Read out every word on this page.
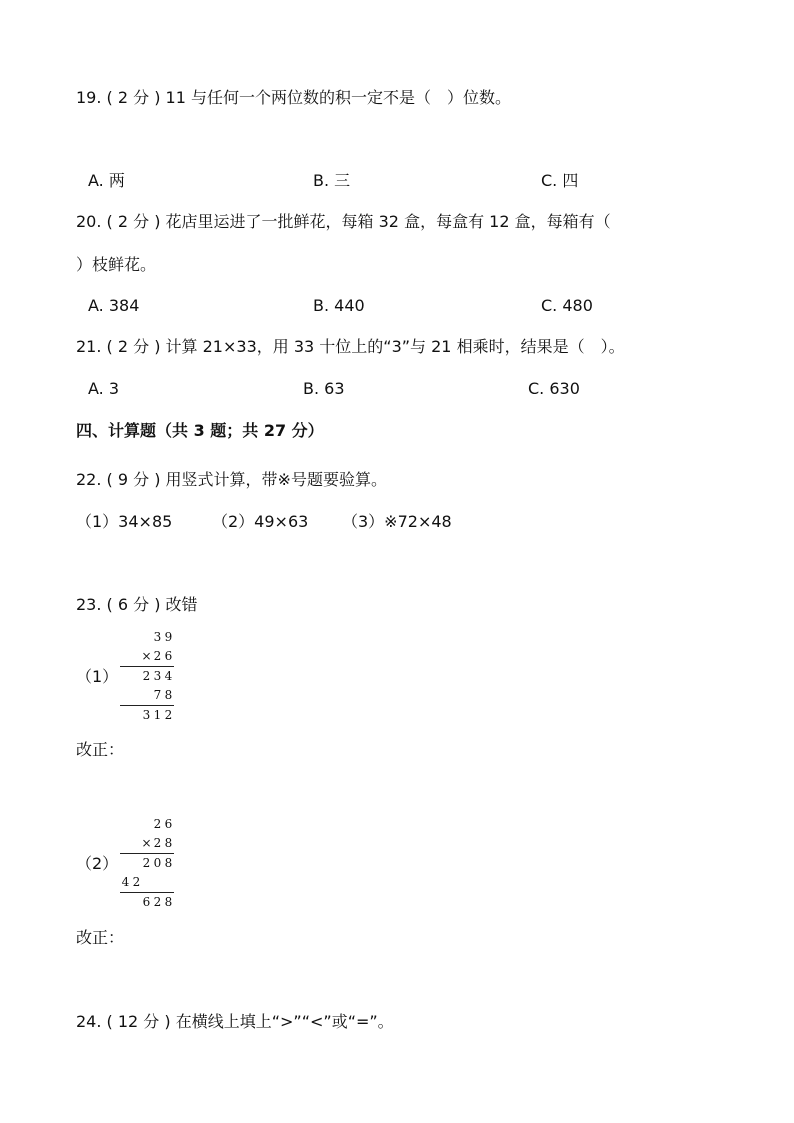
19. ( 2 分 ) 11 与任何一个两位数的积一定不是（　）位数。
A. 两	B. 三	C. 四
20. ( 2 分 ) 花店里运进了一批鲜花，每箱 32 盒，每盒有 12 盒，每箱有（
）枝鲜花。
A. 384	B. 440	C. 480
21. ( 2 分 ) 计算 21×33，用 33 十位上的“3”与 21 相乘时，结果是（　）。
A. 3	B. 63	C. 630
四、计算题（共 3 题；共 27 分）
22. ( 9 分 ) 用竖式计算，带※号题要验算。
（1）34×85 （2）49×63 （3）※72×48
23. ( 6 分 ) 改错
（1）
3 9
× 2 6
2 3 4
7 8
3 1 2
改正：
（2）
2 6
× 2 8
2 0 8
4 2
6 2 8
改正：
24. ( 12 分 ) 在横线上填上“>”“<”或“=”。
